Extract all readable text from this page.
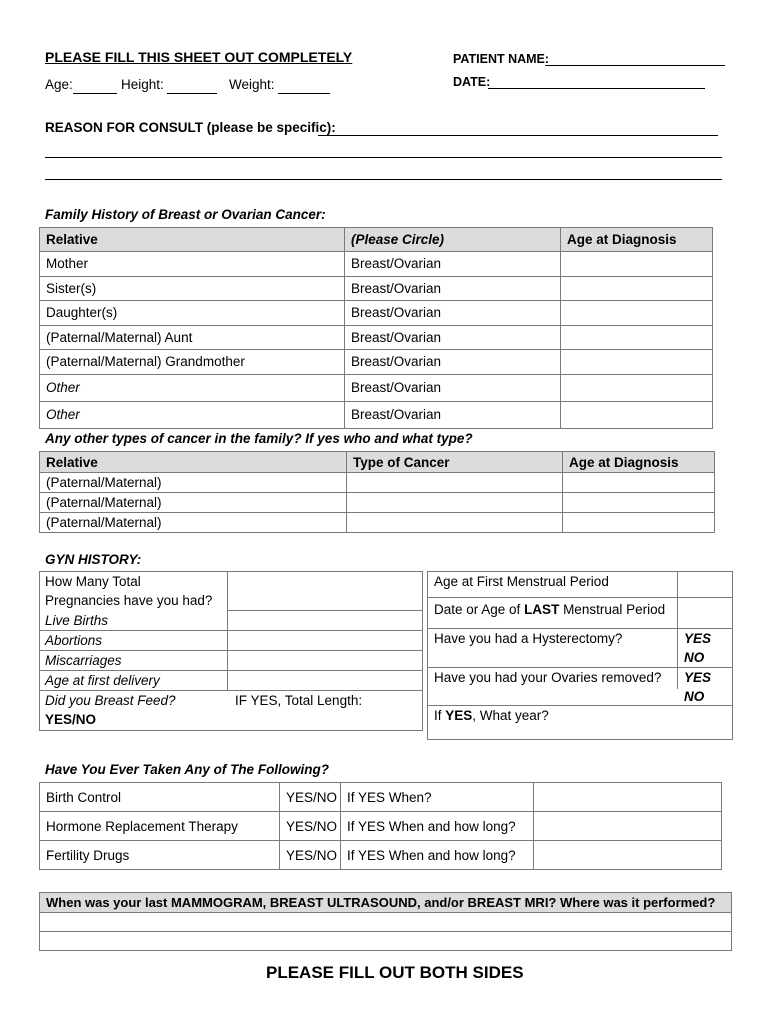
PLEASE FILL THIS SHEET OUT COMPLETELY
Age:	Height:	Weight:
PATIENT NAME:
DATE:
REASON FOR CONSULT (please be specific):
Family History of Breast or Ovarian Cancer:
Relative	(Please Circle)	Age at Diagnosis
Mother	Breast/Ovarian	
Sister(s)	Breast/Ovarian	
Daughter(s)	Breast/Ovarian	
(Paternal/Maternal) Aunt	Breast/Ovarian	
(Paternal/Maternal) Grandmother	Breast/Ovarian	
Other	Breast/Ovarian	
Other	Breast/Ovarian	
Any other types of cancer in the family? If yes who and what type?
Relative	Type of Cancer	Age at Diagnosis
(Paternal/Maternal)		
(Paternal/Maternal)		
(Paternal/Maternal)		
GYN HISTORY:
How Many Total
Pregnancies have you had?
Live Births
Abortions
Miscarriages
Age at first delivery
Did you Breast Feed?
YES/NO
IF YES, Total Length:
Age at First Menstrual Period
Date or Age of LAST Menstrual Period
Have you had a Hysterectomy?	YES
NO
Have you had your Ovaries removed? YES
NO
If YES, What year?
Have You Ever Taken Any of The Following?
Birth Control	YES/NO	If YES When?	
Hormone Replacement Therapy	YES/NO	If YES When and how long?	
Fertility Drugs	YES/NO	If YES When and how long?	
When was your last MAMMOGRAM, BREAST ULTRASOUND, and/or BREAST MRI? Where was it performed?

PLEASE FILL OUT BOTH SIDES
